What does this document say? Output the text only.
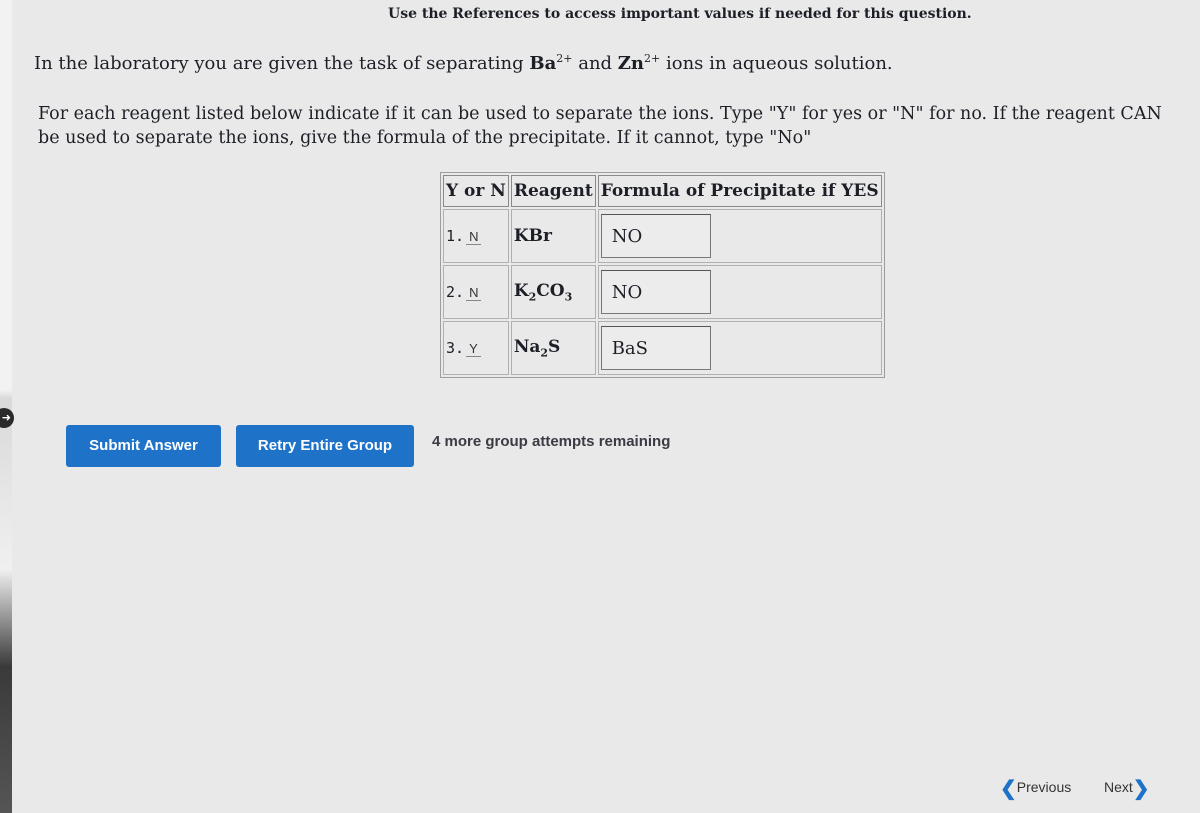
➜
Use the References to access important values if needed for this question.
In the laboratory you are given the task of separating $Ba^{2+}$ and $Zn^{2+}$ ions in aqueous solution.
For each reagent listed below indicate if it can be used to separate the ions. Type "Y" for yes or "N" for no. If the reagent CAN be used to separate the ions, give the formula of the precipitate. If it cannot, type "No"
Y or N	Reagent	Formula of Precipitate if YES
1. N	KBr	NO
2. N	$K_2CO_3$	NO
3. Y	$Na_2S$	BaS
Submit Answer	Retry Entire Group	4 more group attempts remaining
❮Previous Next❯
